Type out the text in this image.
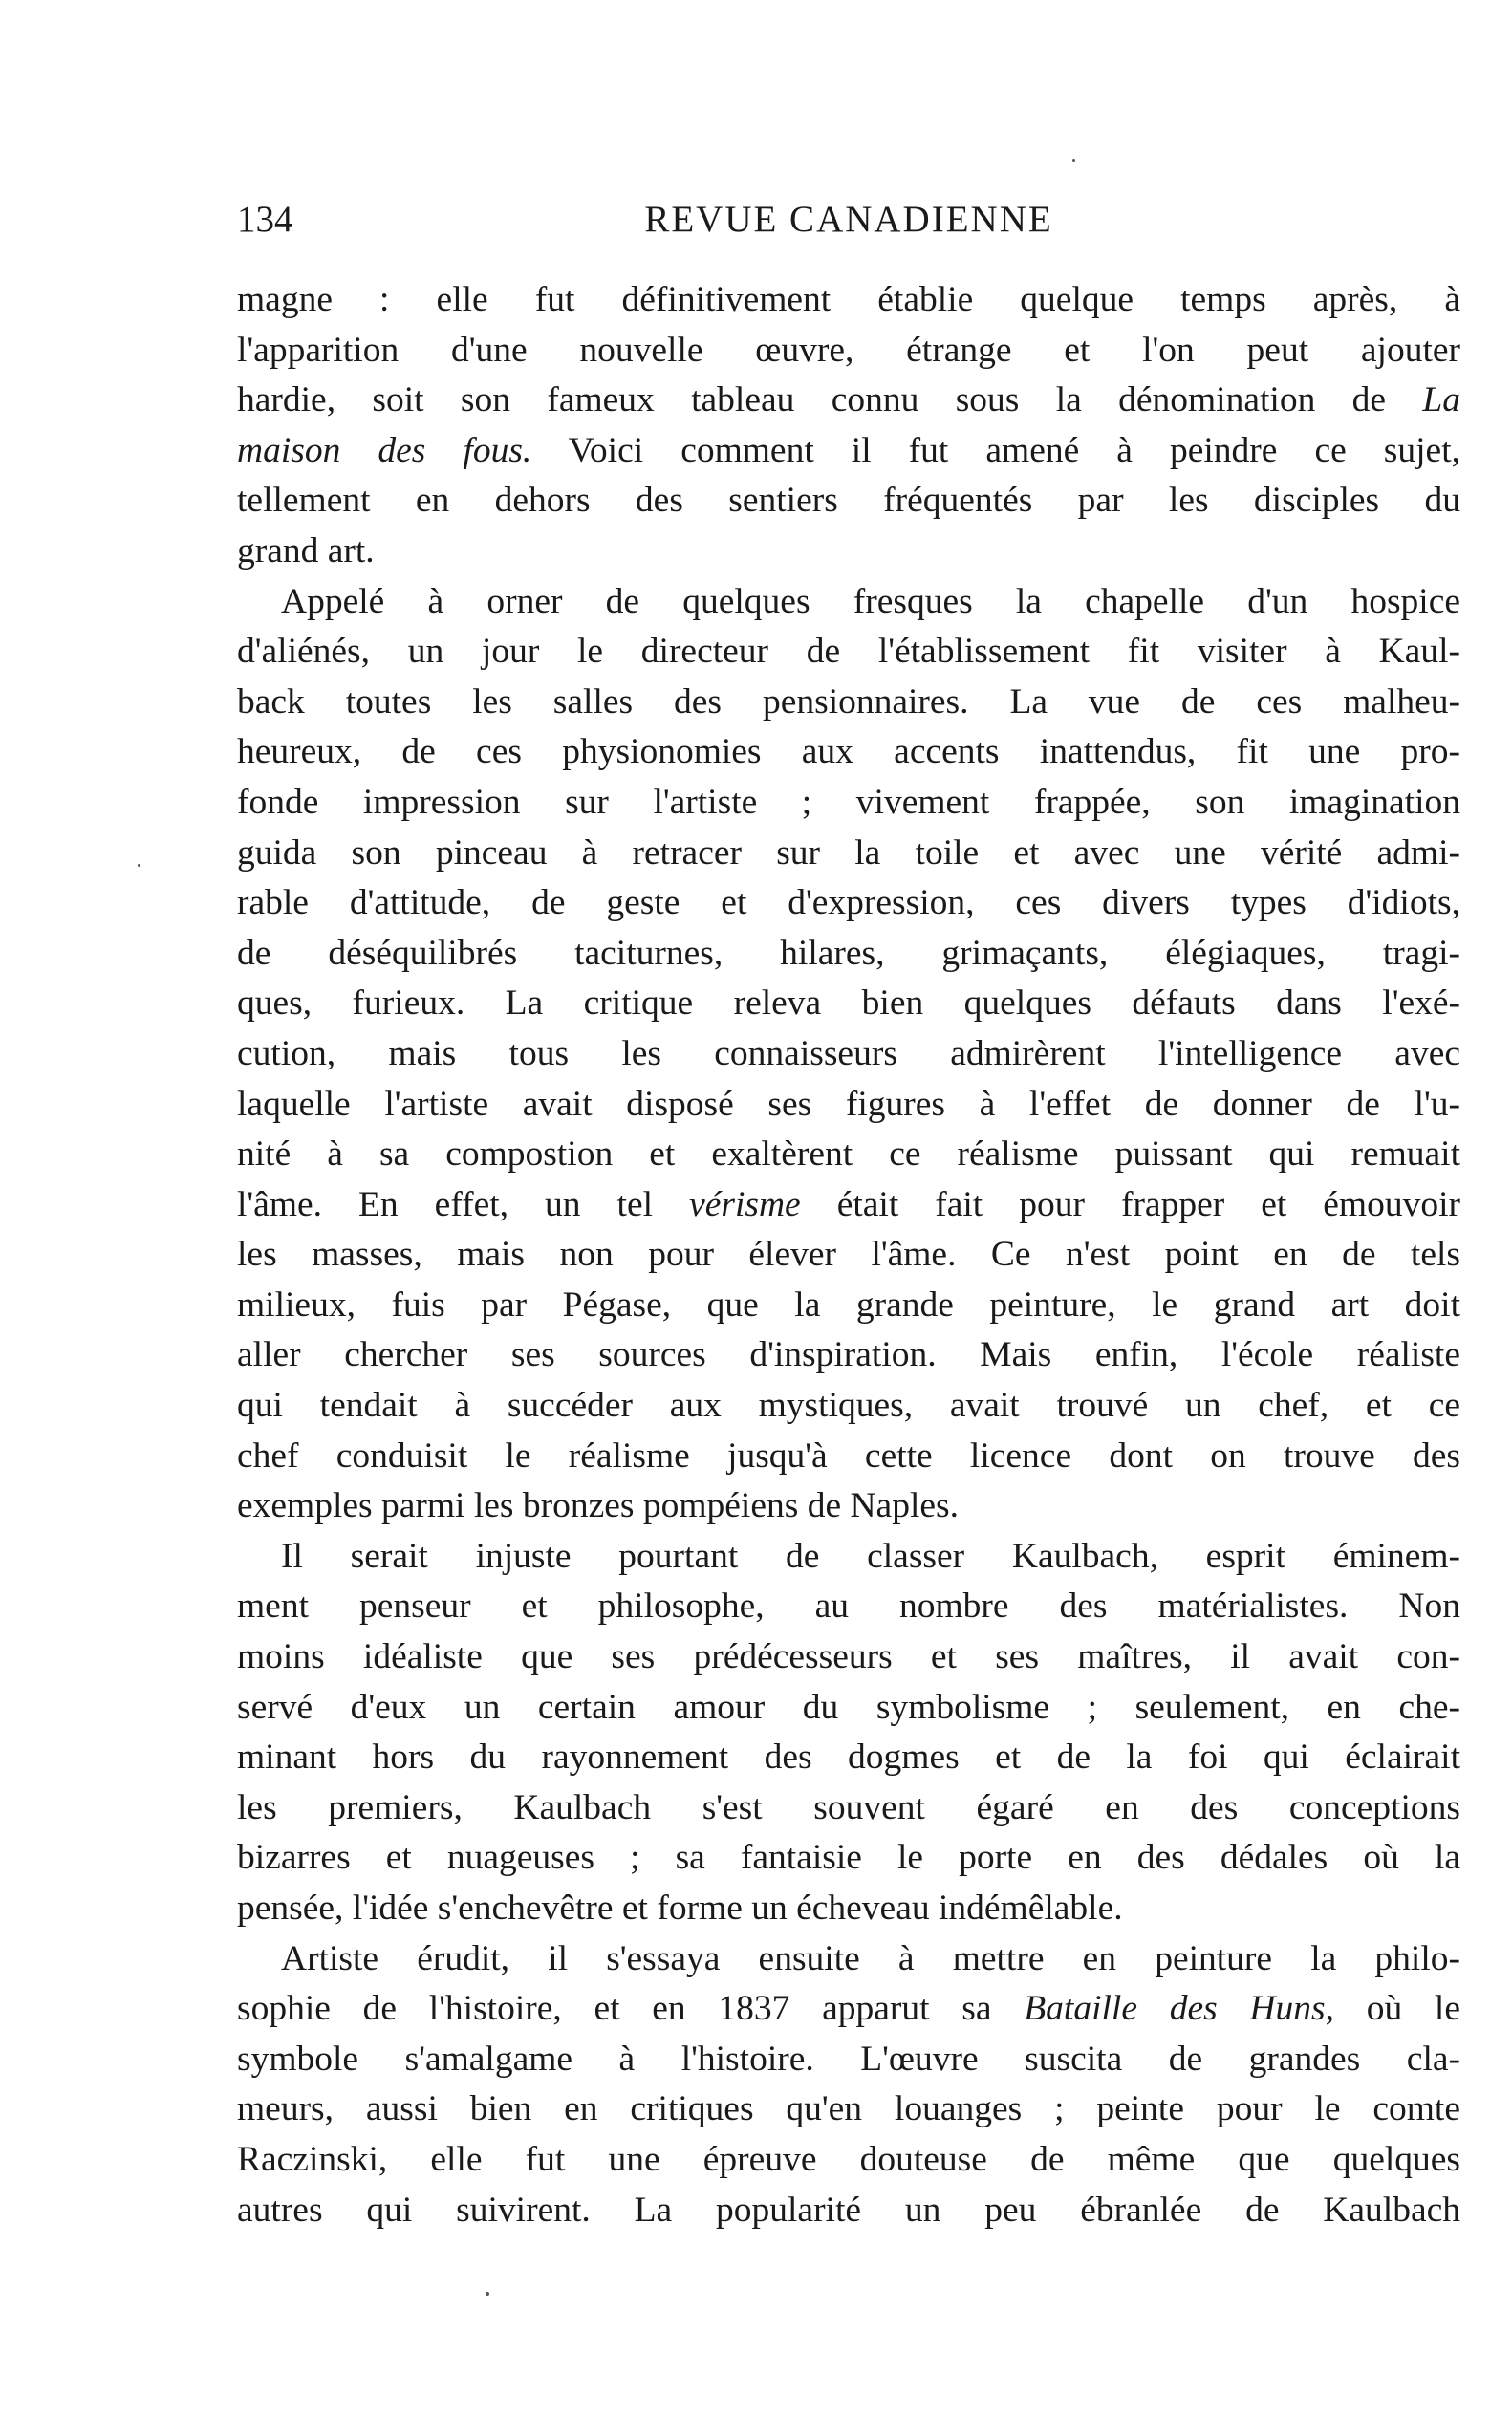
134	REVUE CANADIENNE
magne : elle fut définitivement établie quelque temps après, à
l'apparition d'une nouvelle œuvre, étrange et l'on peut ajouter
hardie, soit son fameux tableau connu sous la dénomination de La
maison des fous. Voici comment il fut amené à peindre ce sujet,
tellement en dehors des sentiers fréquentés par les disciples du
grand art.
Appelé à orner de quelques fresques la chapelle d'un hospice
d'aliénés, un jour le directeur de l'établissement fit visiter à Kaul-
back toutes les salles des pensionnaires. La vue de ces malheu-
heureux, de ces physionomies aux accents inattendus, fit une pro-
fonde impression sur l'artiste ; vivement frappée, son imagination
guida son pinceau à retracer sur la toile et avec une vérité admi-
rable d'attitude, de geste et d'expression, ces divers types d'idiots,
de déséquilibrés taciturnes, hilares, grimaçants, élégiaques, tragi-
ques, furieux. La critique releva bien quelques défauts dans l'exé-
cution, mais tous les connaisseurs admirèrent l'intelligence avec
laquelle l'artiste avait disposé ses figures à l'effet de donner de l'u-
nité à sa compostion et exaltèrent ce réalisme puissant qui remuait
l'âme. En effet, un tel vérisme était fait pour frapper et émouvoir
les masses, mais non pour élever l'âme. Ce n'est point en de tels
milieux, fuis par Pégase, que la grande peinture, le grand art doit
aller chercher ses sources d'inspiration. Mais enfin, l'école réaliste
qui tendait à succéder aux mystiques, avait trouvé un chef, et ce
chef conduisit le réalisme jusqu'à cette licence dont on trouve des
exemples parmi les bronzes pompéiens de Naples.
Il serait injuste pourtant de classer Kaulbach, esprit éminem-
ment penseur et philosophe, au nombre des matérialistes. Non
moins idéaliste que ses prédécesseurs et ses maîtres, il avait con-
servé d'eux un certain amour du symbolisme ; seulement, en che-
minant hors du rayonnement des dogmes et de la foi qui éclairait
les premiers, Kaulbach s'est souvent égaré en des conceptions
bizarres et nuageuses ; sa fantaisie le porte en des dédales où la
pensée, l'idée s'enchevêtre et forme un écheveau indémêlable.
Artiste érudit, il s'essaya ensuite à mettre en peinture la philo-
sophie de l'histoire, et en 1837 apparut sa Bataille des Huns, où le
symbole s'amalgame à l'histoire. L'œuvre suscita de grandes cla-
meurs, aussi bien en critiques qu'en louanges ; peinte pour le comte
Raczinski, elle fut une épreuve douteuse de même que quelques
autres qui suivirent. La popularité un peu ébranlée de Kaulbach
